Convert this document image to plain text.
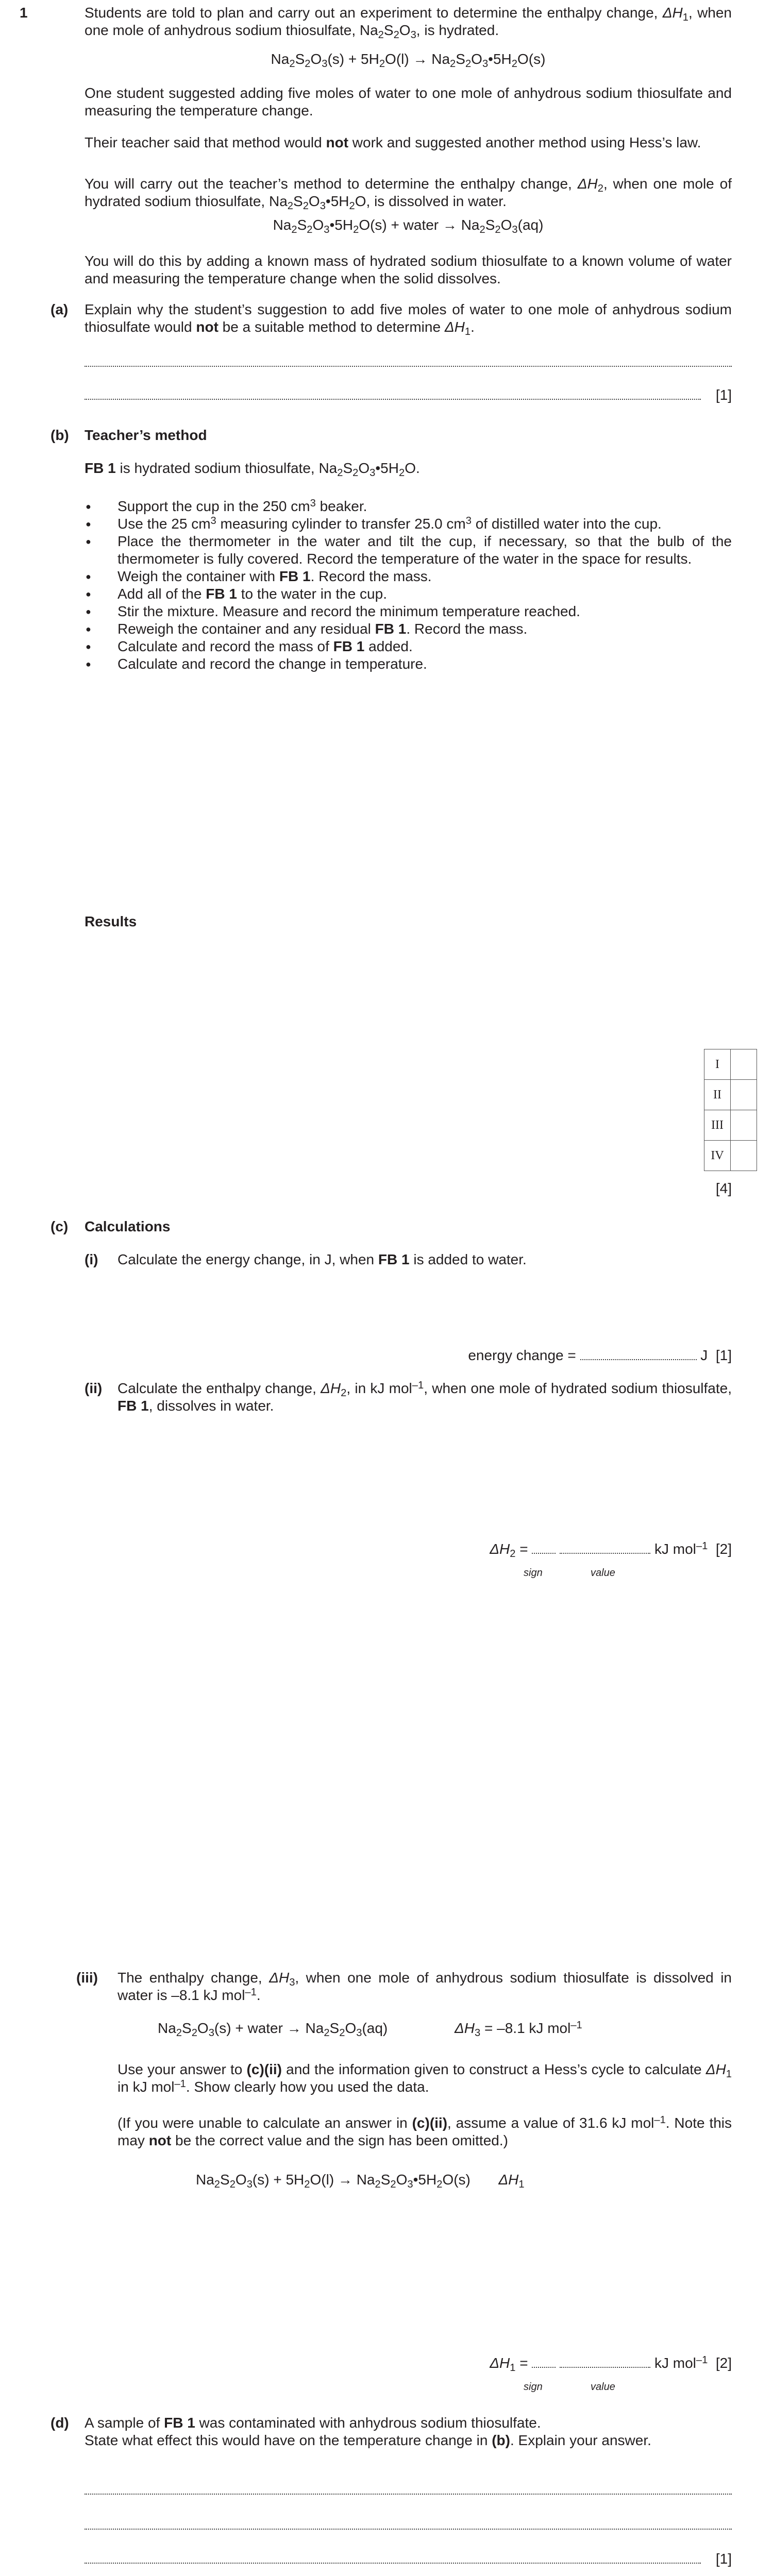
1	Students are told to plan and carry out an experiment to determine the enthalpy change, $\Delta H_1$, when one mole of anhydrous sodium thiosulfate, $Na_2S_2O_3$, is hydrated.
$Na_2S_2O_3(s) + 5H_2O(l)$ → $Na_2S_2O_3•5H_2O(s)$
One student suggested adding five moles of water to one mole of anhydrous sodium thiosulfate and measuring the temperature change.
Their teacher said that method would not work and suggested another method using Hess’s law.
You will carry out the teacher’s method to determine the enthalpy change, $\Delta H_2$, when one mole of hydrated sodium thiosulfate, $Na_2S_2O_3•5H_2O$, is dissolved in water.
$Na_2S_2O_3•5H_2O(s)$ + water → $Na_2S_2O_3(aq)$
You will do this by adding a known mass of hydrated sodium thiosulfate to a known volume of water and measuring the temperature change when the solid dissolves.
(a) Explain why the student’s suggestion to add five moles of water to one mole of anhydrous sodium thiosulfate would not be a suitable method to determine $\Delta H_1$.
[1]
(b) Teacher’s method
FB 1 is hydrated sodium thiosulfate, $Na_2S_2O_3•5H_2O$.
● Support the cup in the 250 $cm^3$ beaker.
● Use the 25 $cm^3$ measuring cylinder to transfer 25.0 $cm^3$ of distilled water into the cup.
● Place the thermometer in the water and tilt the cup, if necessary, so that the bulb of the thermometer is fully covered. Record the temperature of the water in the space for results.
● Weigh the container with FB 1. Record the mass.
● Add all of the FB 1 to the water in the cup.
● Stir the mixture. Measure and record the minimum temperature reached.
● Reweigh the container and any residual FB 1. Record the mass.
● Calculate and record the mass of FB 1 added.
● Calculate and record the change in temperature.
Results
I	
II	
III	
IV	
[4]
(c) Calculations
(i) Calculate the energy change, in J, when FB 1 is added to water.
energy change =	J [1]
(ii) Calculate the enthalpy change, $\Delta H_2$, in kJ mol$^{-1}$, when one mole of hydrated sodium thiosulfate, FB 1, dissolves in water.
$\Delta H_2$ =	kJ mol$^{-1}$ [2]
sign	value
(iii) The enthalpy change, $\Delta H_3$, when one mole of anhydrous sodium thiosulfate is dissolved in water is –8.1 kJ mol$^{-1}$.
$Na_2S_2O_3(s)$ + water → $Na_2S_2O_3(aq)$	$\Delta H_3 = -8.1$ kJ mol$^{-1}$
Use your answer to (c)(ii) and the information given to construct a Hess’s cycle to calculate $\Delta H_1$ in kJ mol$^{-1}$. Show clearly how you used the data.
(If you were unable to calculate an answer in (c)(ii), assume a value of 31.6 kJ mol$^{-1}$. Note this may not be the correct value and the sign has been omitted.)
$Na_2S_2O_3(s) + 5H_2O(l)$ → $Na_2S_2O_3•5H_2O(s)$       $\Delta H_1$
$\Delta H_1$ =	kJ mol$^{-1}$ [2]
sign	value
(d) A sample of FB 1 was contaminated with anhydrous sodium thiosulfate.
State what effect this would have on the temperature change in (b). Explain your answer.
[1]
